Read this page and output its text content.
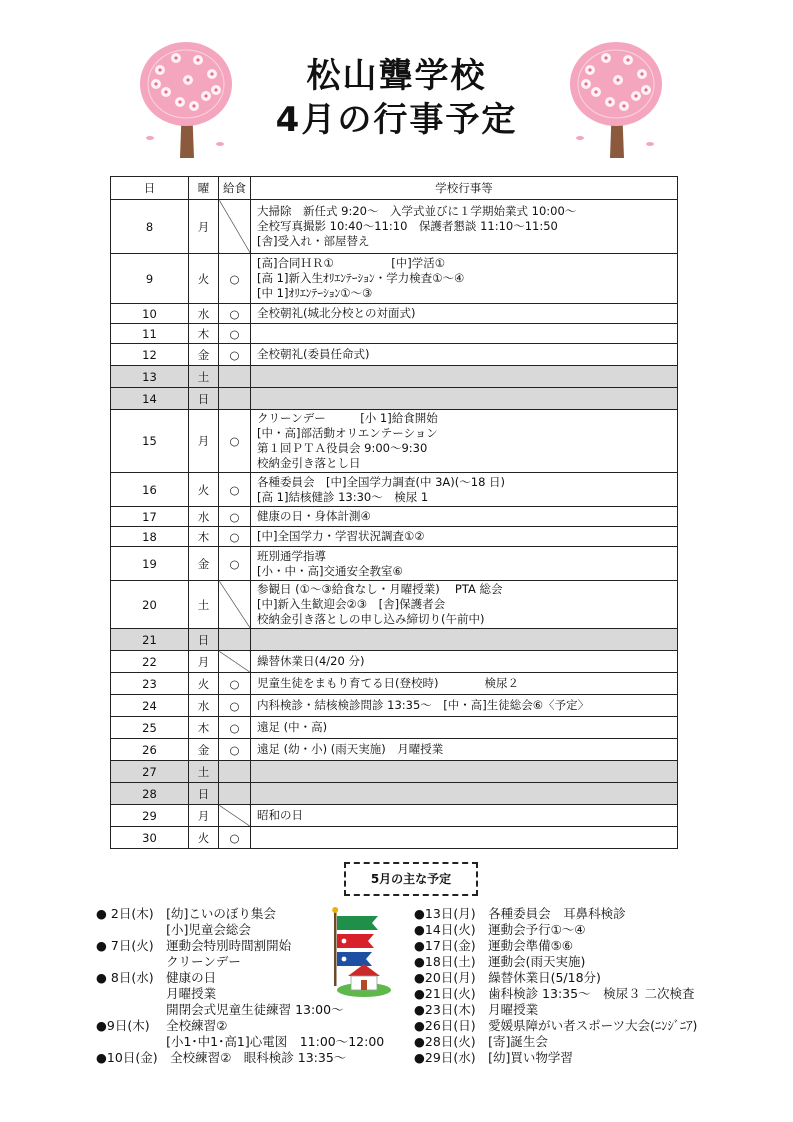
松山聾学校
4月の行事予定
日	曜	給食	学校行事等
8	月		大掃除　新任式 9:20～　入学式並びに１学期始業式 10:00～
全校写真撮影 10:40～11:10　保護者懇談 11:10～11:50
[舎]受入れ・部屋替え

9	火	○	[高]合同ＨＲ①　　　　　[中]学活①
[高 1]新入生ｵﾘｴﾝﾃｰｼｮﾝ・学力検査①～④
[中 1]ｵﾘｴﾝﾃｰｼｮﾝ①～③

10	水	○	全校朝礼(城北分校との対面式)

11	木	○	
12	金	○	全校朝礼(委員任命式)

13	土		
14	日		
15	月	○	クリーンデー　　　[小 1]給食開始
[中・高]部活動オリエンテーション
第１回ＰＴＡ役員会 9:00～9:30
校納金引き落とし日

16	火	○	各種委員会　[中]全国学力調査(中 3A)(～18 日)
[高 1]結核健診 13:30～　検尿 1

17	水	○	健康の日・身体計測④

18	木	○	[中]全国学力・学習状況調査①②

19	金	○	班別通学指導
[小・中・高]交通安全教室⑥

20	土		参観日 (①～③給食なし・月曜授業)　 PTA 総会
[中]新入生歓迎会②③　[舎]保護者会
校納金引き落としの申し込み締切り(午前中)

21	日		
22	月		繰替休業日(4/20 分)

23	火	○	児童生徒をまもり育てる日(登校時)　　　　検尿２

24	水	○	内科検診・結核検診問診 13:35～　[中・高]生徒総会⑥〈予定〉

25	木	○	遠足 (中・高)

26	金	○	遠足 (幼・小) (雨天実施)　月曜授業

27	土		
28	日		
29	月		昭和の日

30	火	○	
5月の主な予定
● 2日(木)　 [幼]こいのぼり集会
[小]児童会総会
● 7日(火)　 運動会特別時間割開始
クリーンデー
● 8日(水)　 健康の日
月曜授業
開閉会式児童生徒練習 13:00～
●9日(木)　 全校練習②
[小1･中1･高1]心電図　11:00～12:00
●10日(金)　 全校練習②　眼科検診 13:35～
●13日(月)　 各種委員会　耳鼻科検診
●14日(火)　 運動会予行①～④
●17日(金)　 運動会準備⑤⑥
●18日(土)　 運動会(雨天実施)
●20日(月)　 繰替休業日(5/18分)
●21日(火)　 歯科検診 13:35～　検尿３ 二次検査
●23日(木)　 月曜授業
●26日(日)　 愛媛県障がい者スポーツ大会(ﾆﾝｼﾞﾆｱ)
●28日(火)　 [寄]誕生会
●29日(水)　 [幼]買い物学習
